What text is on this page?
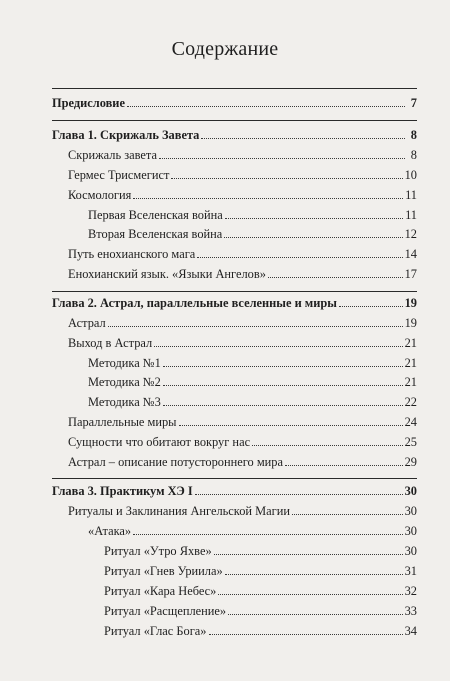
Содержание
Предисловие	7
Глава 1. Скрижаль Завета	8
Скрижаль завета	8
Гермес Трисмегист	10
Космология	11
Первая Вселенская война	11
Вторая Вселенская война	12
Путь енохианского мага	14
Енохианский язык. «Языки Ангелов»	17
Глава 2. Астрал, параллельные вселенные и миры	19
Астрал	19
Выход в Астрал	21
Методика №1	21
Методика №2	21
Методика №3	22
Параллельные миры	24
Сущности что обитают вокруг нас	25
Астрал – описание потустороннего мира	29
Глава 3. Практикум ХЭ I	30
Ритуалы и Заклинания Ангельской Магии	30
«Атака»	30
Ритуал «Утро Яхве»	30
Ритуал «Гнев Уриила»	31
Ритуал «Кара Небес»	32
Ритуал «Расщепление»	33
Ритуал «Глас Бога»	34
